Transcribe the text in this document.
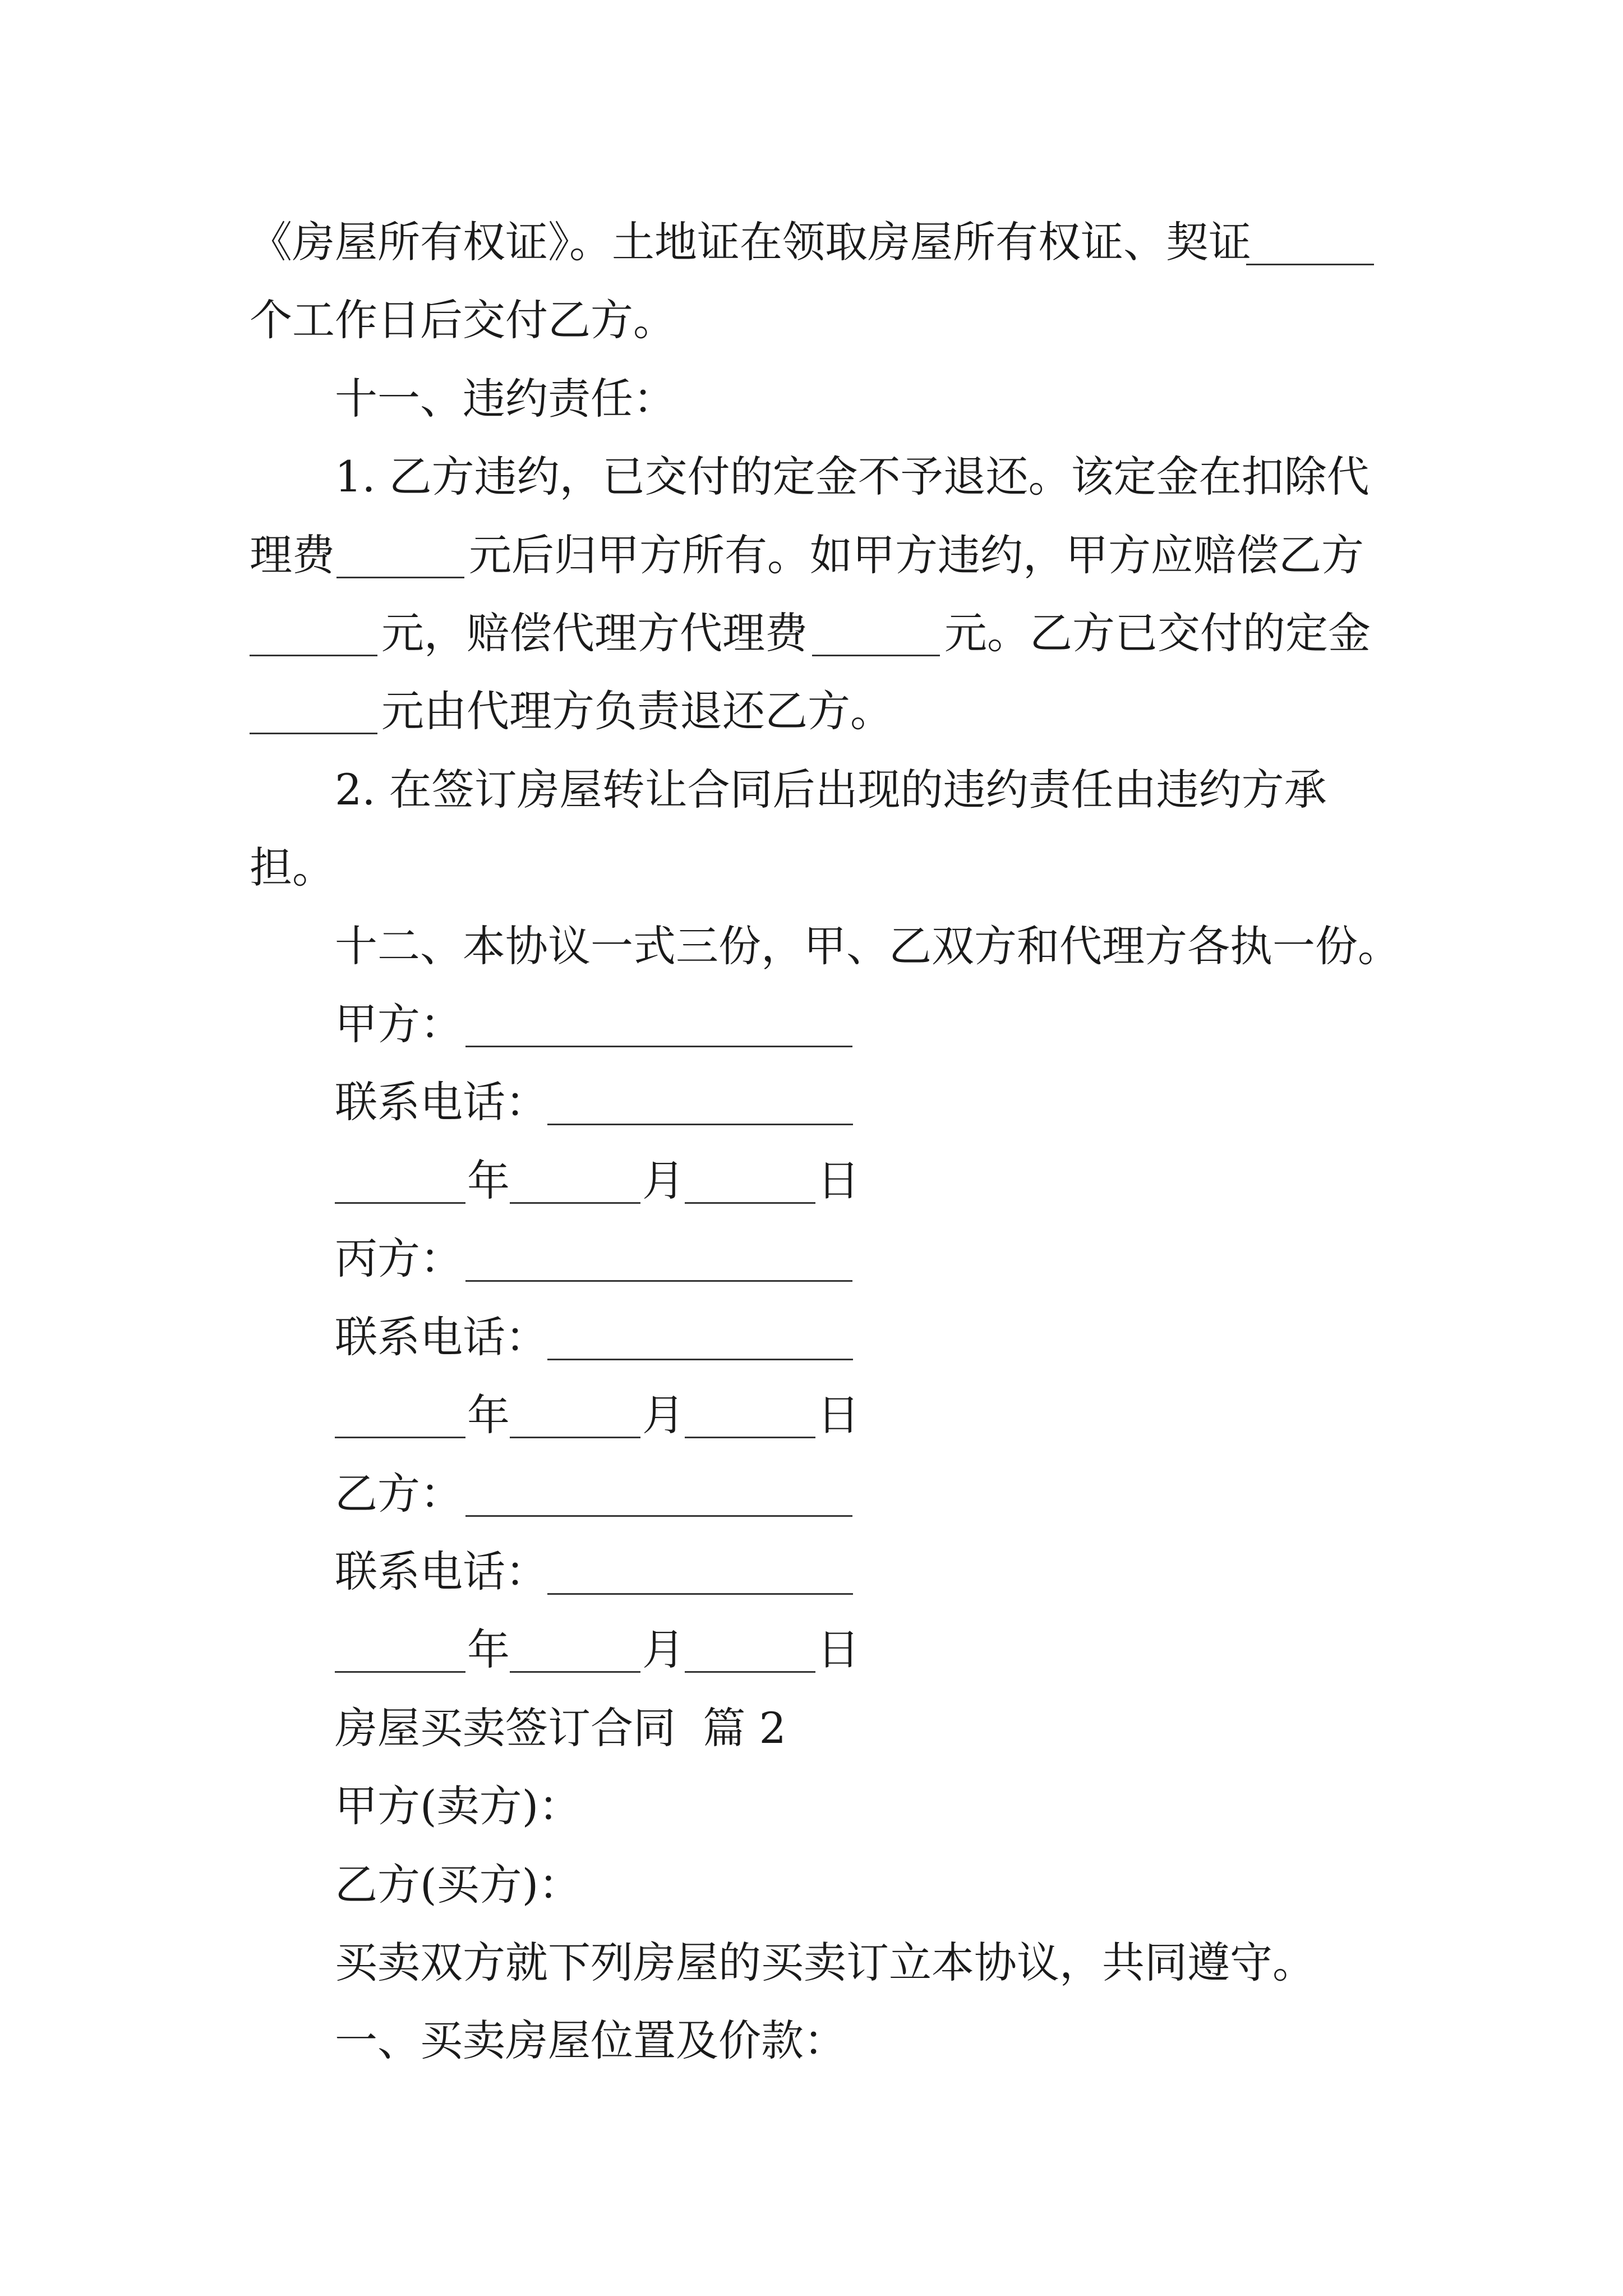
《房屋所有权证》。土地证在领取房屋所有权证、契证
个工作日后交付乙方。
十一、违约责任：
1. 乙方违约，已交付的定金不予退还。该定金在扣除代
理费	元后归甲方所有。如甲方违约，甲方应赔偿乙方
元，赔偿代理方代理费	元。乙方已交付的定金
元由代理方负责退还乙方。
2. 在签订房屋转让合同后出现的违约责任由违约方承
担。
十二、本协议一式三份，甲、乙双方和代理方各执一份。
甲方：
联系电话：
年	月	日
丙方：
联系电话：
年	月	日
乙方：
联系电话：
年	月	日
房屋买卖签订合同  篇 2
甲方(卖方)：
乙方(买方)：
买卖双方就下列房屋的买卖订立本协议，共同遵守。
一、买卖房屋位置及价款：
